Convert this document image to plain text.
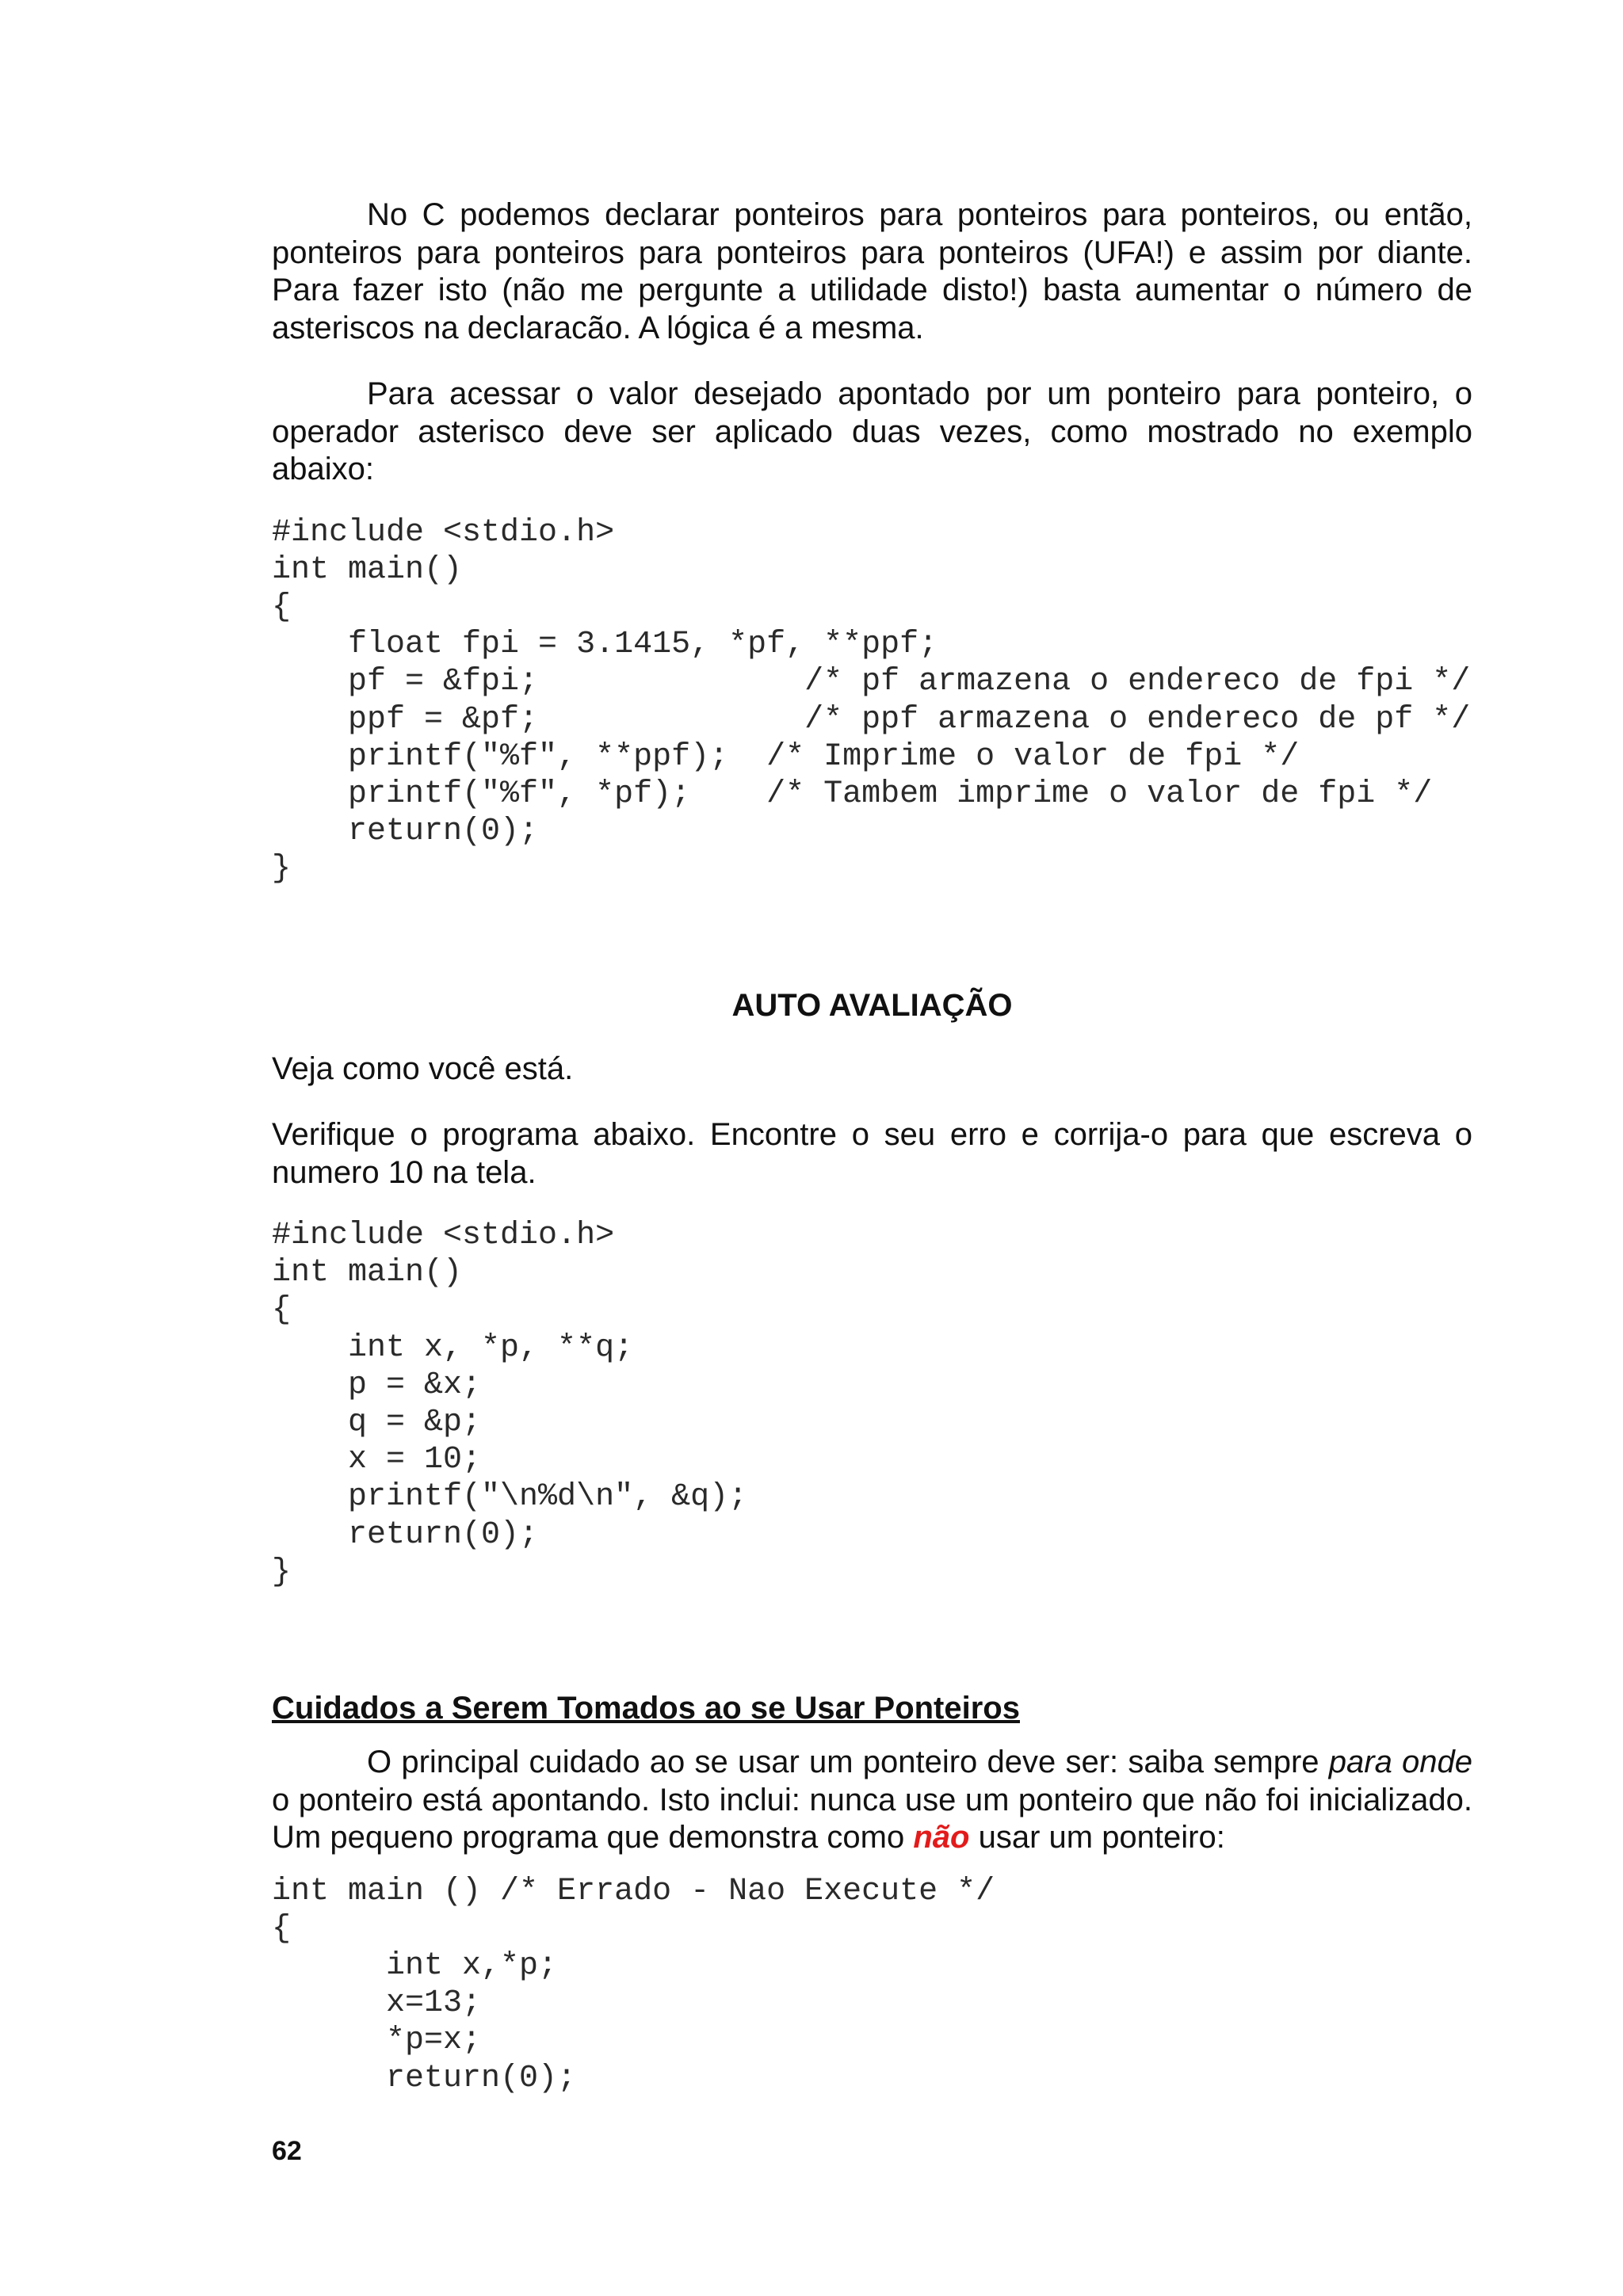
No C podemos declarar ponteiros para ponteiros para ponteiros, ou então, ponteiros para ponteiros para ponteiros para ponteiros (UFA!) e assim por diante. Para fazer isto (não me pergunte a utilidade disto!) basta aumentar o número de asteriscos na declaracão. A lógica é a mesma.

Para acessar o valor desejado apontado por um ponteiro para ponteiro, o operador asterisco deve ser aplicado duas vezes, como mostrado no exemplo abaixo:

#include <stdio.h>
int main()
{
float fpi = 3.1415, *pf, **ppf;
pf = &fpi;              /* pf armazena o endereco de fpi */
ppf = &pf;              /* ppf armazena o endereco de pf */
printf("%f", **ppf);  /* Imprime o valor de fpi */
printf("%f", *pf);    /* Tambem imprime o valor de fpi */
return(0);
}

AUTO AVALIAÇÃO

Veja como você está.

Verifique o programa abaixo. Encontre o seu erro e corrija-o para que escreva o numero 10 na tela.

#include <stdio.h>
int main()
{
int x, *p, **q;
p = &x;
q = &p;
x = 10;
printf("\n%d\n", &q);
return(0);
}

Cuidados a Serem Tomados ao se Usar Ponteiros

O principal cuidado ao se usar um ponteiro deve ser: saiba sempre para onde o ponteiro está apontando. Isto inclui: nunca use um ponteiro que não foi inicializado. Um pequeno programa que demonstra como não usar um ponteiro:

int main () /* Errado - Nao Execute */
{
int x,*p;
x=13;
*p=x;
return(0);
62
